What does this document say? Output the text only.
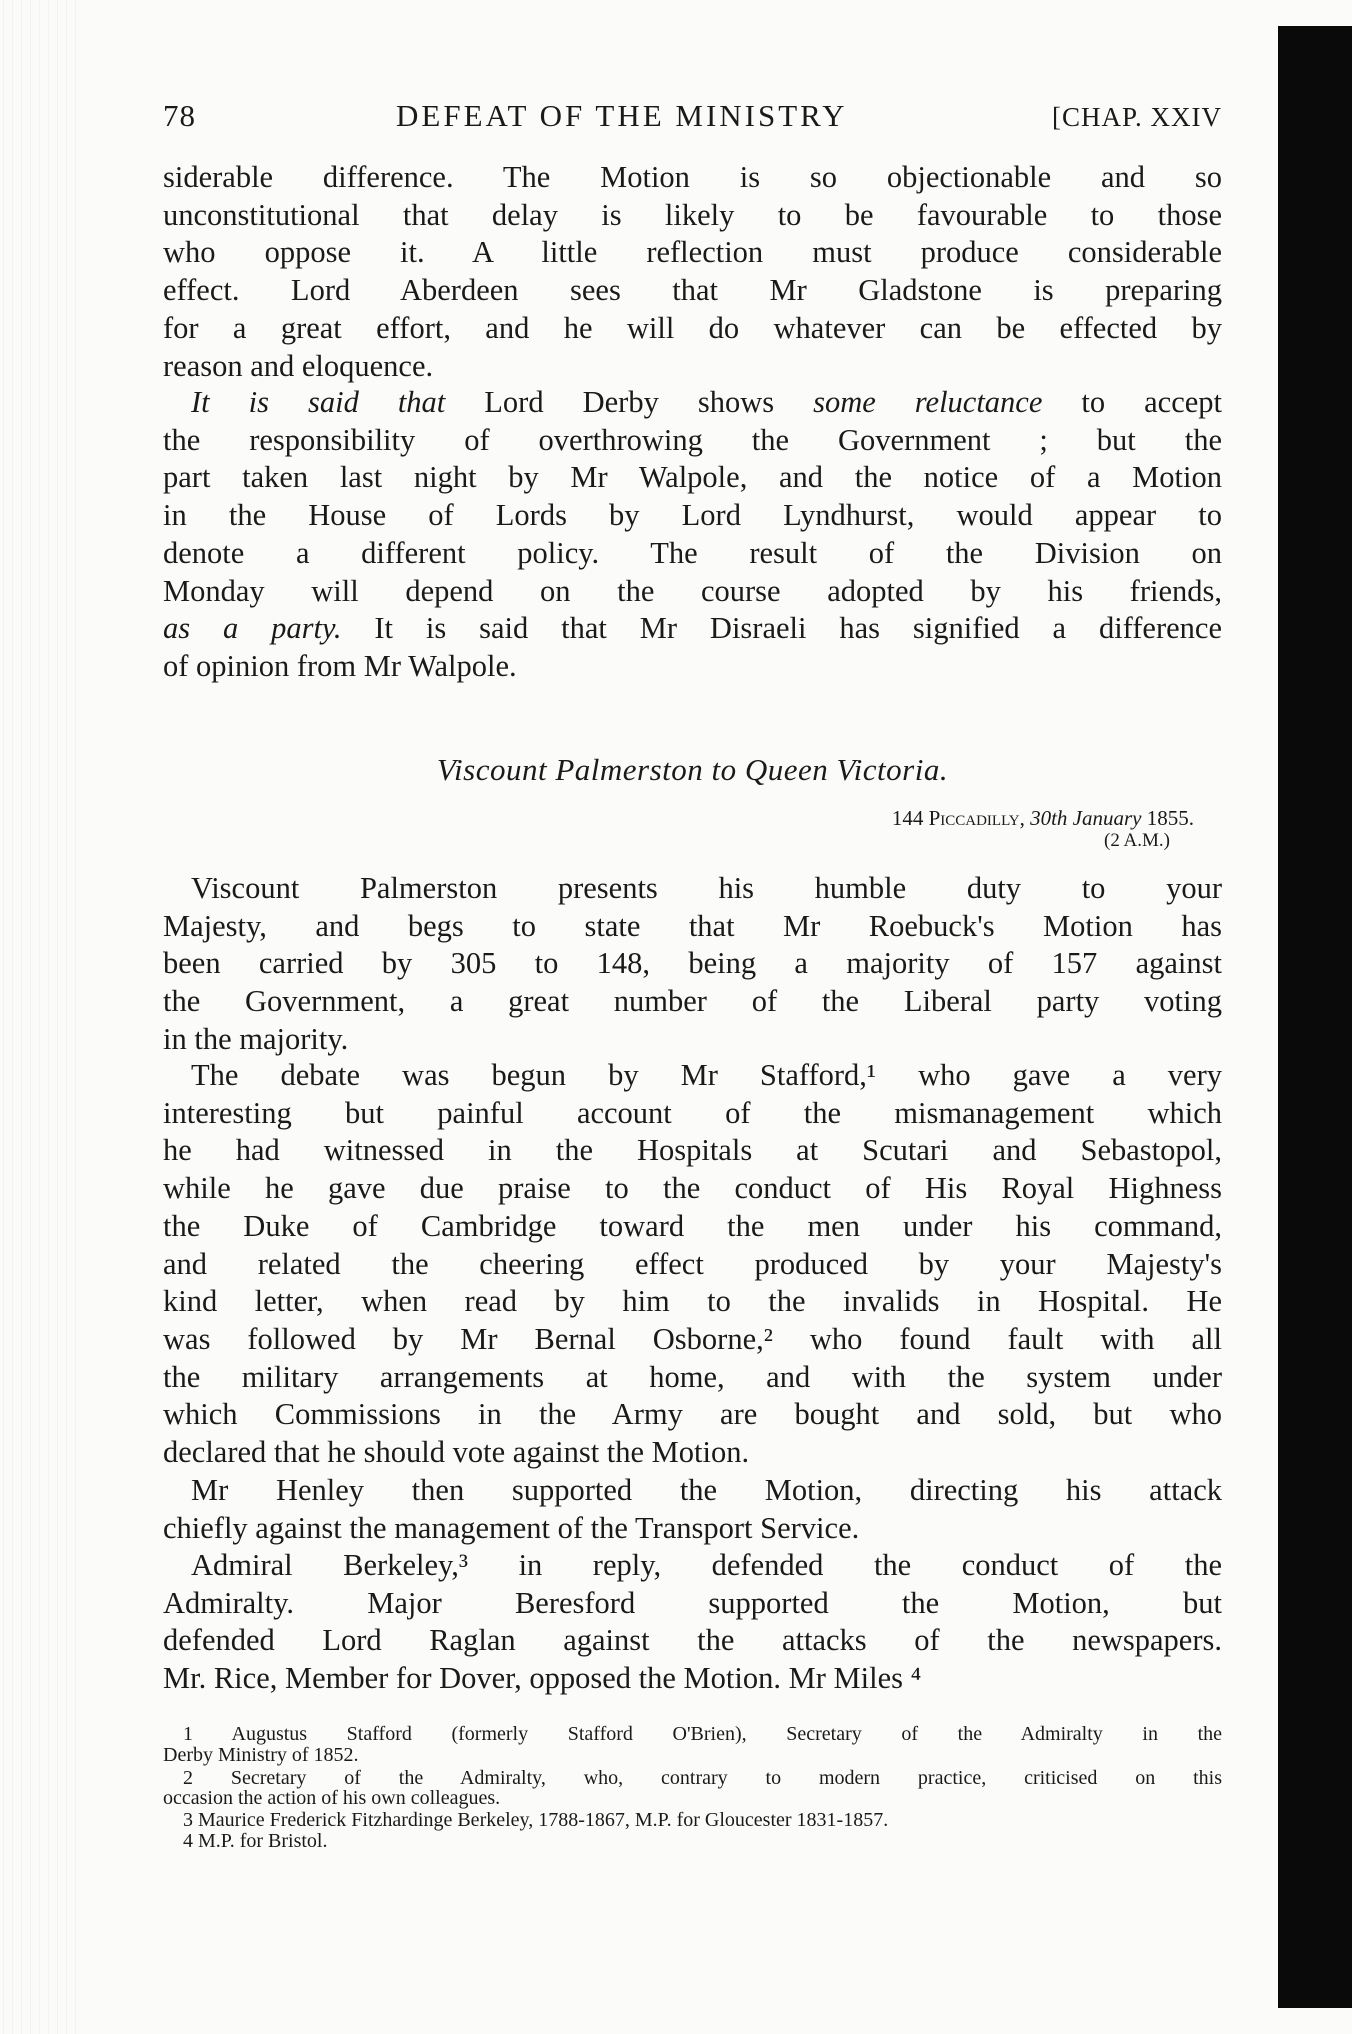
78	DEFEAT OF THE MINISTRY	[CHAP. XXIV
siderable difference. The Motion is so objectionable and so
unconstitutional that delay is likely to be favourable to those
who oppose it. A little reflection must produce considerable
effect. Lord Aberdeen sees that Mr Gladstone is preparing
for a great effort, and he will do whatever can be effected by
reason and eloquence.
It is said that Lord Derby shows some reluctance to accept
the responsibility of overthrowing the Government ; but the
part taken last night by Mr Walpole, and the notice of a Motion
in the House of Lords by Lord Lyndhurst, would appear to
denote a different policy. The result of the Division on
Monday will depend on the course adopted by his friends,
as a party. It is said that Mr Disraeli has signified a difference
of opinion from Mr Walpole.
Viscount Palmerston presents his humble duty to your
Majesty, and begs to state that Mr Roebuck's Motion has
been carried by 305 to 148, being a majority of 157 against
the Government, a great number of the Liberal party voting
in the majority.
The debate was begun by Mr Stafford,¹ who gave a very
interesting but painful account of the mismanagement which
he had witnessed in the Hospitals at Scutari and Sebastopol,
while he gave due praise to the conduct of His Royal Highness
the Duke of Cambridge toward the men under his command,
and related the cheering effect produced by your Majesty's
kind letter, when read by him to the invalids in Hospital. He
was followed by Mr Bernal Osborne,² who found fault with all
the military arrangements at home, and with the system under
which Commissions in the Army are bought and sold, but who
declared that he should vote against the Motion.
Mr Henley then supported the Motion, directing his attack
chiefly against the management of the Transport Service.
Admiral Berkeley,³ in reply, defended the conduct of the
Admiralty. Major Beresford supported the Motion, but
defended Lord Raglan against the attacks of the newspapers.
Mr. Rice, Member for Dover, opposed the Motion. Mr Miles ⁴
Viscount Palmerston to Queen Victoria.
144 Piccadilly, 30th January 1855.
(2 A.M.)
1 Augustus Stafford (formerly Stafford O'Brien), Secretary of the Admiralty in the
Derby Ministry of 1852.
2 Secretary of the Admiralty, who, contrary to modern practice, criticised on this
occasion the action of his own colleagues.
3 Maurice Frederick Fitzhardinge Berkeley, 1788-1867, M.P. for Gloucester 1831-1857.
4 M.P. for Bristol.
